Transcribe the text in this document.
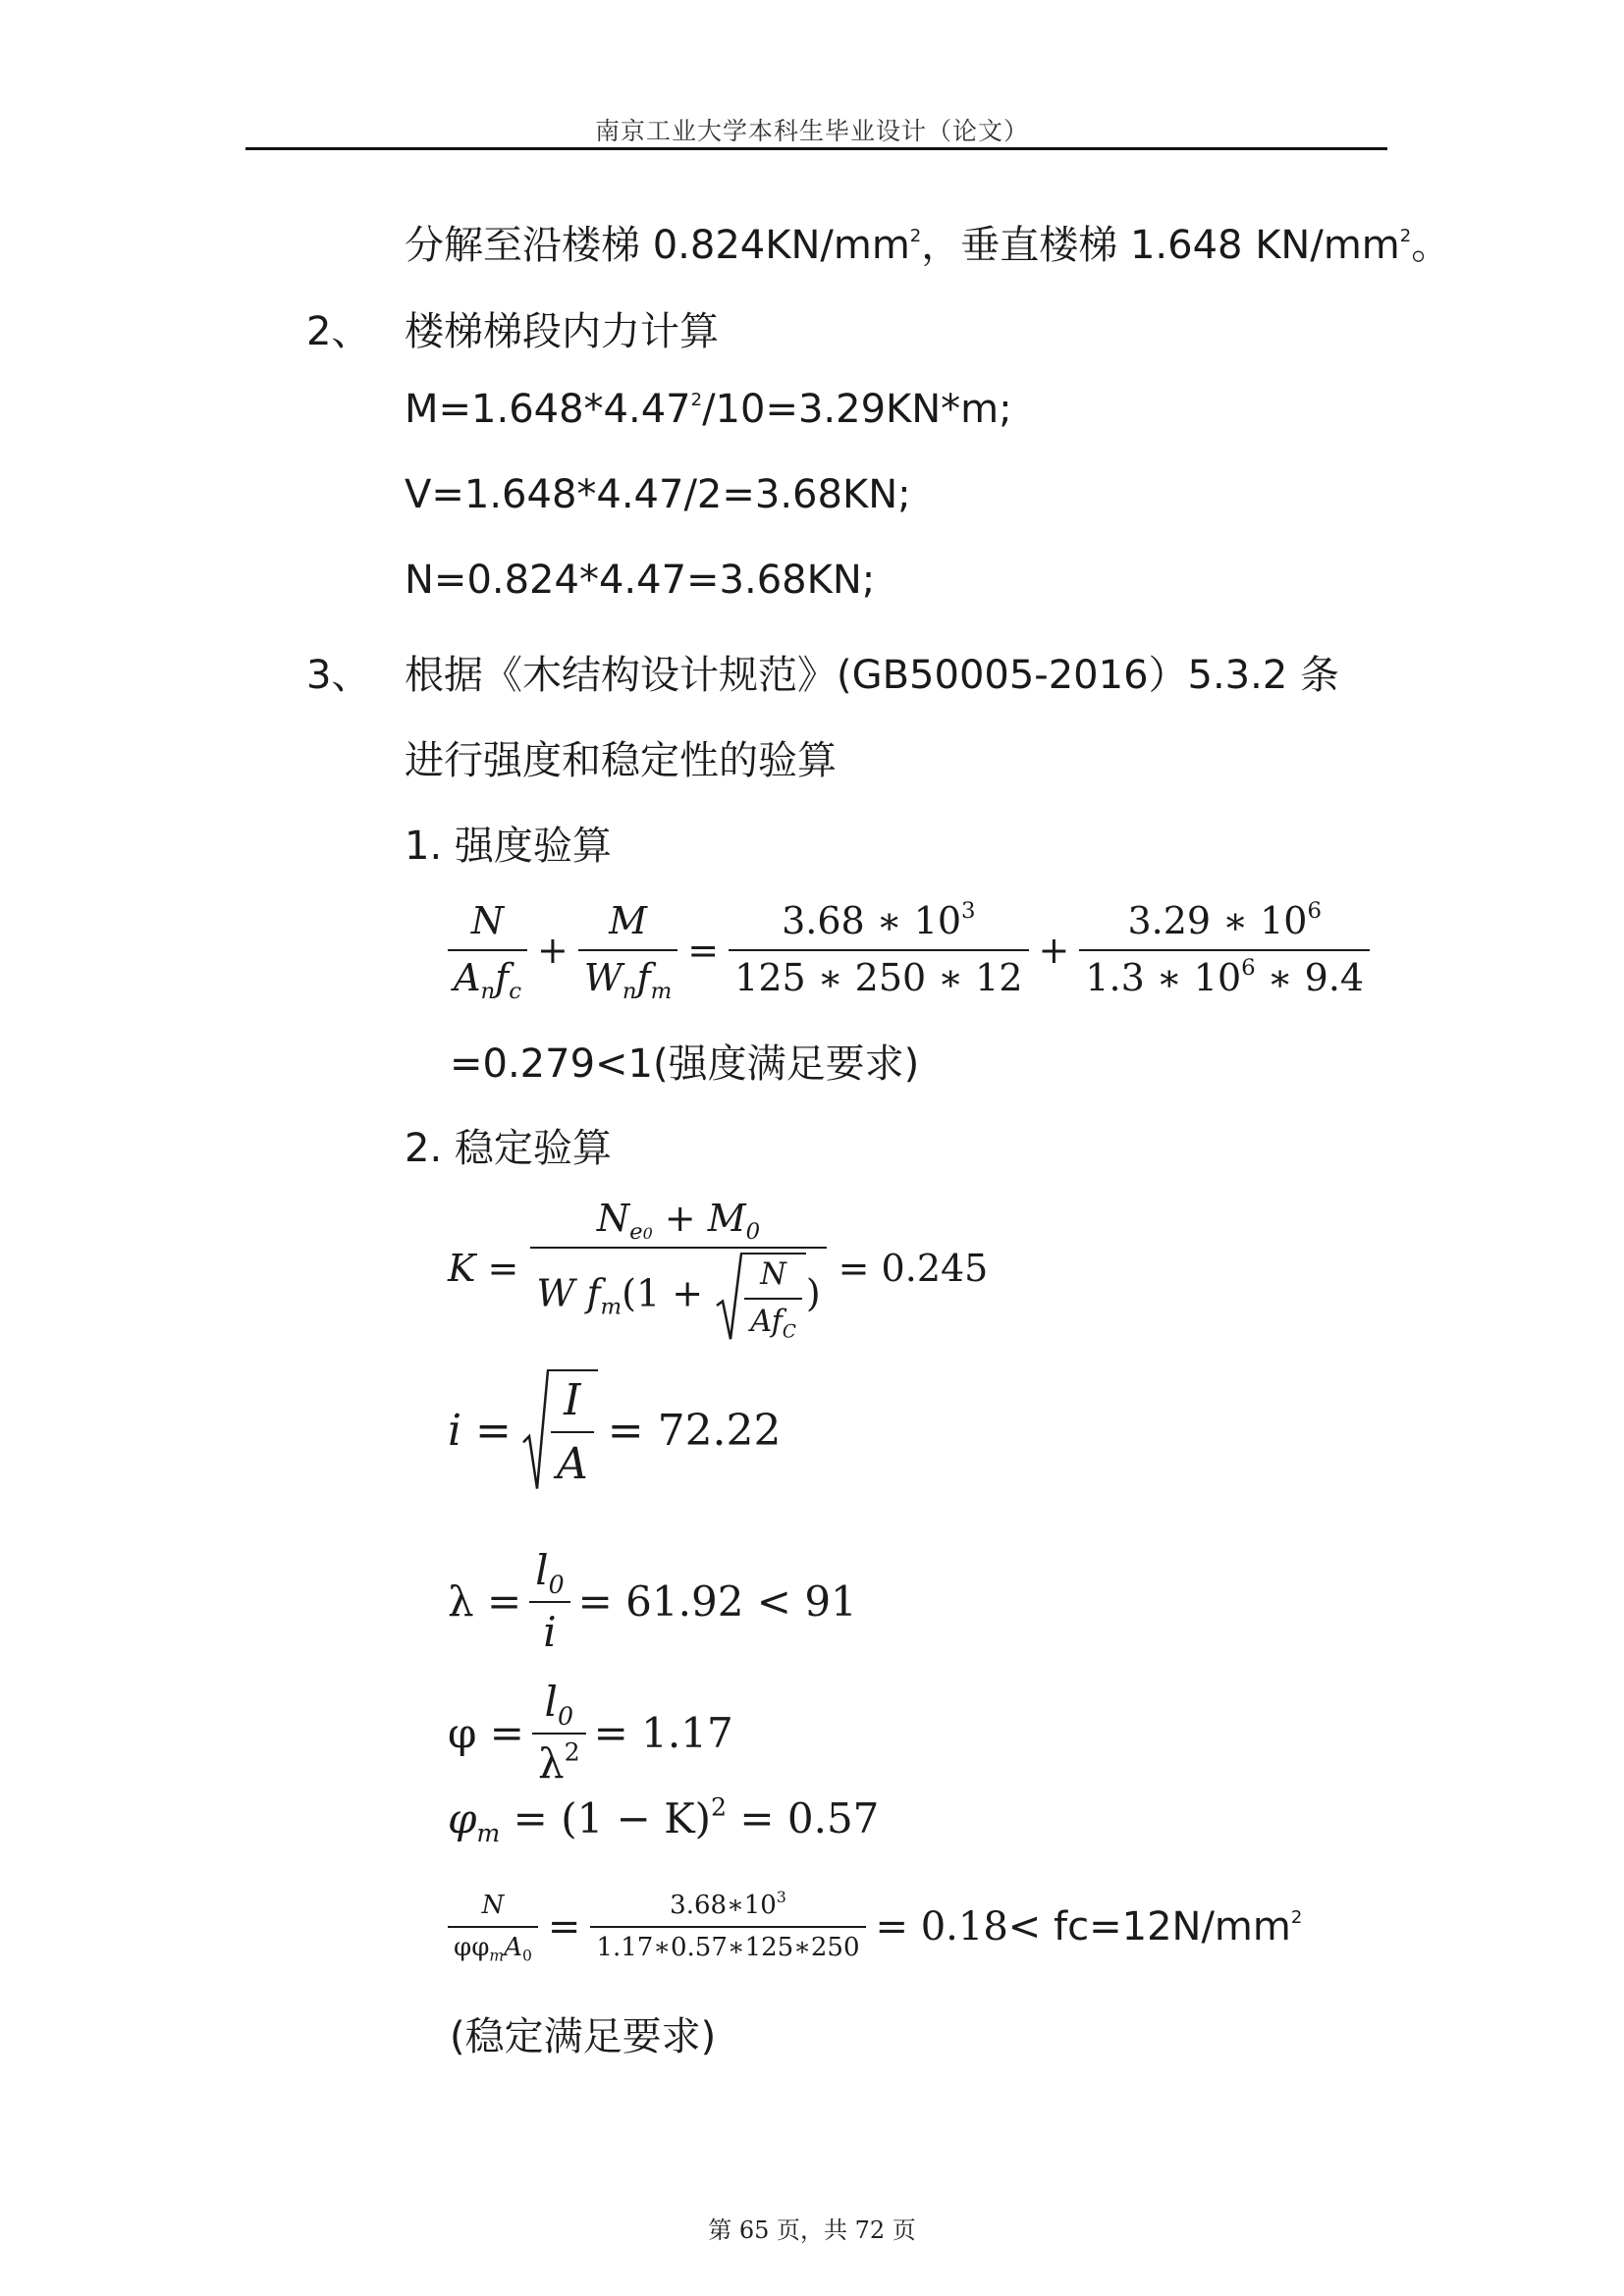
南京工业大学本科生毕业设计（论文）
分解至沿楼梯 $0.824KN/mm^2$，垂直楼梯 1.648 $KN/mm^2$。
2、 楼梯梯段内力计算
$M=1.648*4.47^2/10=3.29KN*m$;
V=1.648*4.47/2=3.68KN;
N=0.824*4.47=3.68KN;
3、 根据《木结构设计规范》(GB50005-2016）5.3.2 条
进行强度和稳定性的验算
1. 强度验算
$\frac{N}{A_nf_c} + \frac{M}{W_nf_m} = \frac{3.68 ∗ 10^3}{125 ∗ 250 ∗ 12} + \frac{3.29 ∗ 10^6}{1.3 ∗ 10^6 ∗ 9.4}$
=0.279<1(强度满足要求)
2. 稳定验算
$K = \frac{N_{e0} + M_0}{W f_m(1 + \frac{N}{Af_C} )} = 0.245$
𝑖 = $\frac{I}{A} = 72.22$
$\lambda = \frac{l_0}{\text{𝑖}} = 61.92 < 91$
$\varphi = \frac{l_0}{\lambda^2} = 1.17$
$\varphi_m = (1 - K)^2 = 0.57$
$\frac{N}{\varphi\varphi_mA_0} = \frac{3.68∗10^3}{1.17∗0.57∗125∗250} = 0.18 < fc=12N/mm^2$
(稳定满足要求)
第 65 页，共 72 页
